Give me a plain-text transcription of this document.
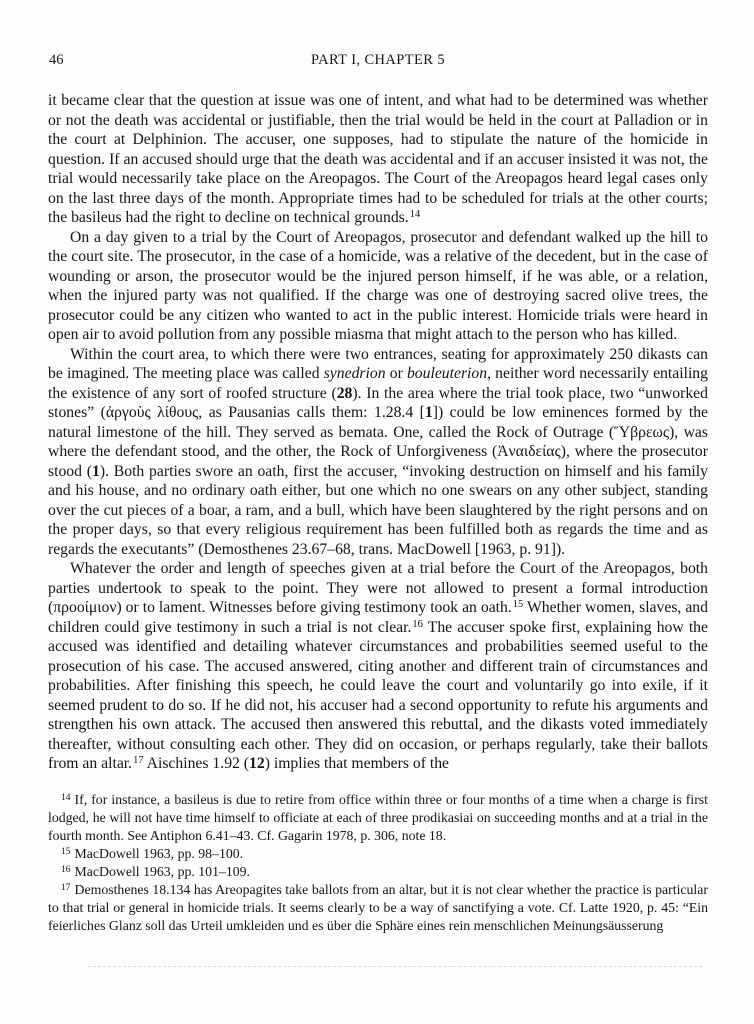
46	PART I, CHAPTER 5

it became clear that the question at issue was one of intent, and what had to be determined was whether or not the death was accidental or justifiable, then the trial would be held in the court at Palladion or in the court at Delphinion. The accuser, one supposes, had to stipulate the nature of the homicide in question. If an accused should urge that the death was accidental and if an accuser insisted it was not, the trial would necessarily take place on the Areopagos. The Court of the Areopagos heard legal cases only on the last three days of the month. Appropriate times had to be scheduled for trials at the other courts; the basileus had the right to decline on technical grounds.$^{14}$

On a day given to a trial by the Court of Areopagos, prosecutor and defendant walked up the hill to the court site. The prosecutor, in the case of a homicide, was a relative of the decedent, but in the case of wounding or arson, the prosecutor would be the injured person himself, if he was able, or a relation, when the injured party was not qualified. If the charge was one of destroying sacred olive trees, the prosecutor could be any citizen who wanted to act in the public interest. Homicide trials were heard in open air to avoid pollution from any possible miasma that might attach to the person who has killed.

Within the court area, to which there were two entrances, seating for approximately 250 dikasts can be imagined. The meeting place was called synedrion or bouleuterion, neither word necessarily entailing the existence of any sort of roofed structure (28). In the area where the trial took place, two “unworked stones” (ἀργοὺς λίθους, as Pausanias calls them: 1.28.4 [1]) could be low eminences formed by the natural limestone of the hill. They served as bemata. One, called the Rock of Outrage (Ὕβρεως), was where the defendant stood, and the other, the Rock of Unforgiveness (Ἀναιδείας), where the prosecutor stood (1). Both parties swore an oath, first the accuser, “invoking destruction on himself and his family and his house, and no ordinary oath either, but one which no one swears on any other subject, standing over the cut pieces of a boar, a ram, and a bull, which have been slaughtered by the right persons and on the proper days, so that every religious requirement has been fulfilled both as regards the time and as regards the executants” (Demosthenes 23.67–68, trans. MacDowell [1963, p. 91]).

Whatever the order and length of speeches given at a trial before the Court of the Areopagos, both parties undertook to speak to the point. They were not allowed to present a formal introduction (προοίμιον) or to lament. Witnesses before giving testimony took an oath.$^{15}$ Whether women, slaves, and children could give testimony in such a trial is not clear.$^{16}$ The accuser spoke first, explaining how the accused was identified and detailing whatever circumstances and probabilities seemed useful to the prosecution of his case. The accused answered, citing another and different train of circumstances and probabilities. After finishing this speech, he could leave the court and voluntarily go into exile, if it seemed prudent to do so. If he did not, his accuser had a second opportunity to refute his arguments and strengthen his own attack. The accused then answered this rebuttal, and the dikasts voted immediately thereafter, without consulting each other. They did on occasion, or perhaps regularly, take their ballots from an altar.$^{17}$ Aischines 1.92 (12) implies that members of the

$^{14}$ If, for instance, a basileus is due to retire from office within three or four months of a time when a charge is first lodged, he will not have time himself to officiate at each of three prodikasiai on succeeding months and at a trial in the fourth month. See Antiphon 6.41–43. Cf. Gagarin 1978, p. 306, note 18.

$^{15}$ MacDowell 1963, pp. 98–100.

$^{16}$ MacDowell 1963, pp. 101–109.

$^{17}$ Demosthenes 18.134 has Areopagites take ballots from an altar, but it is not clear whether the practice is particular to that trial or general in homicide trials. It seems clearly to be a way of sanctifying a vote. Cf. Latte 1920, p. 45: “Ein feierliches Glanz soll das Urteil umkleiden und es über die Sphäre eines rein menschlichen Meinungsäusserung
